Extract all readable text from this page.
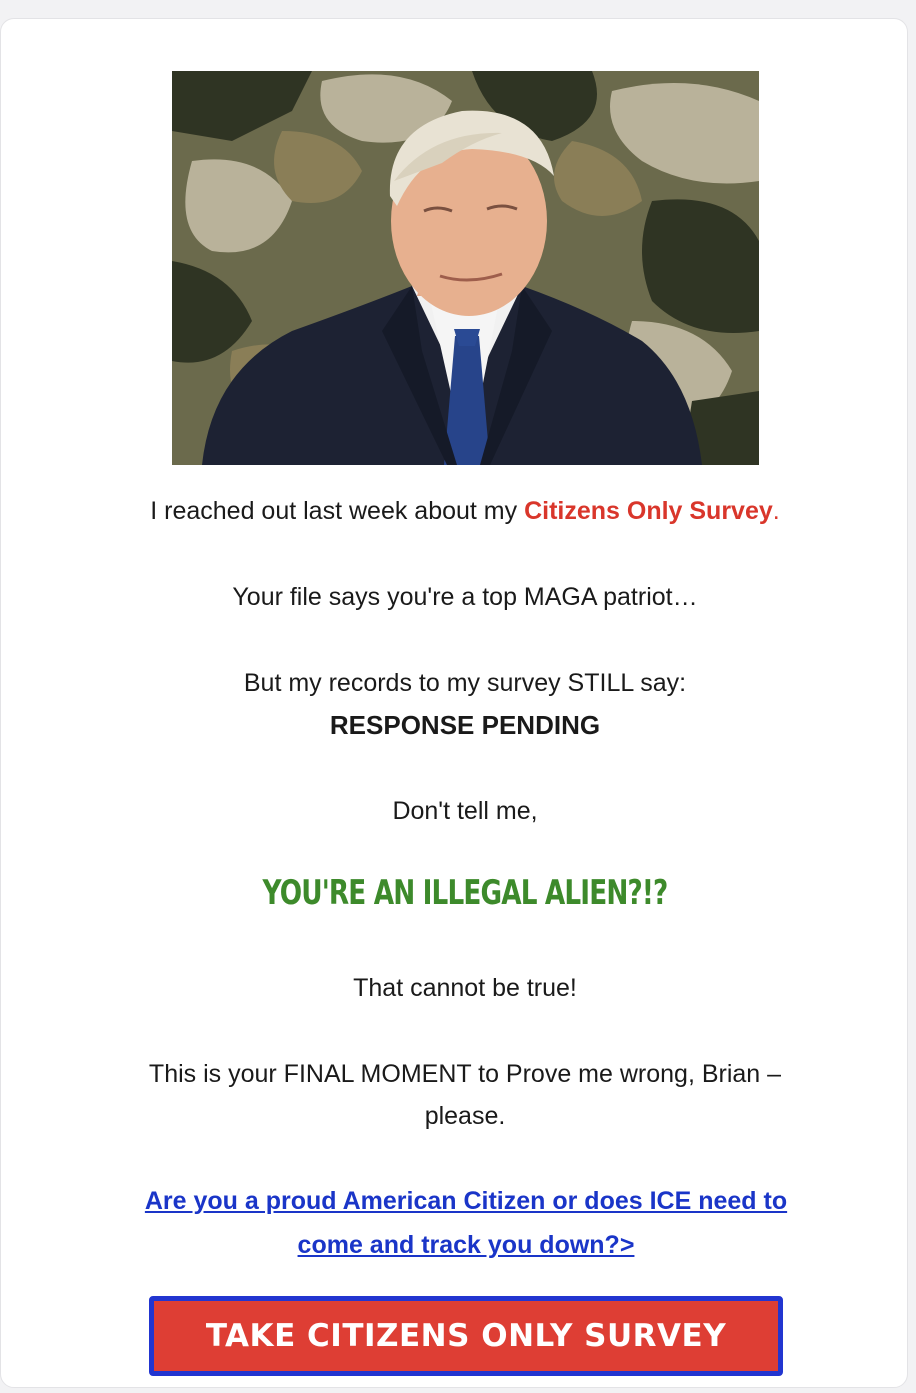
I reached out last week about my Citizens Only Survey.
Your file says you're a top MAGA patriot…
But my records to my survey STILL say:
RESPONSE PENDING
Don't tell me,
YOU'RE AN ILLEGAL ALIEN?!?
That cannot be true!
This is your FINAL MOMENT to Prove me wrong, Brian –
please.
Are you a proud American Citizen or does ICE need to
come and track you down?>
TAKE CITIZENS ONLY SURVEY
